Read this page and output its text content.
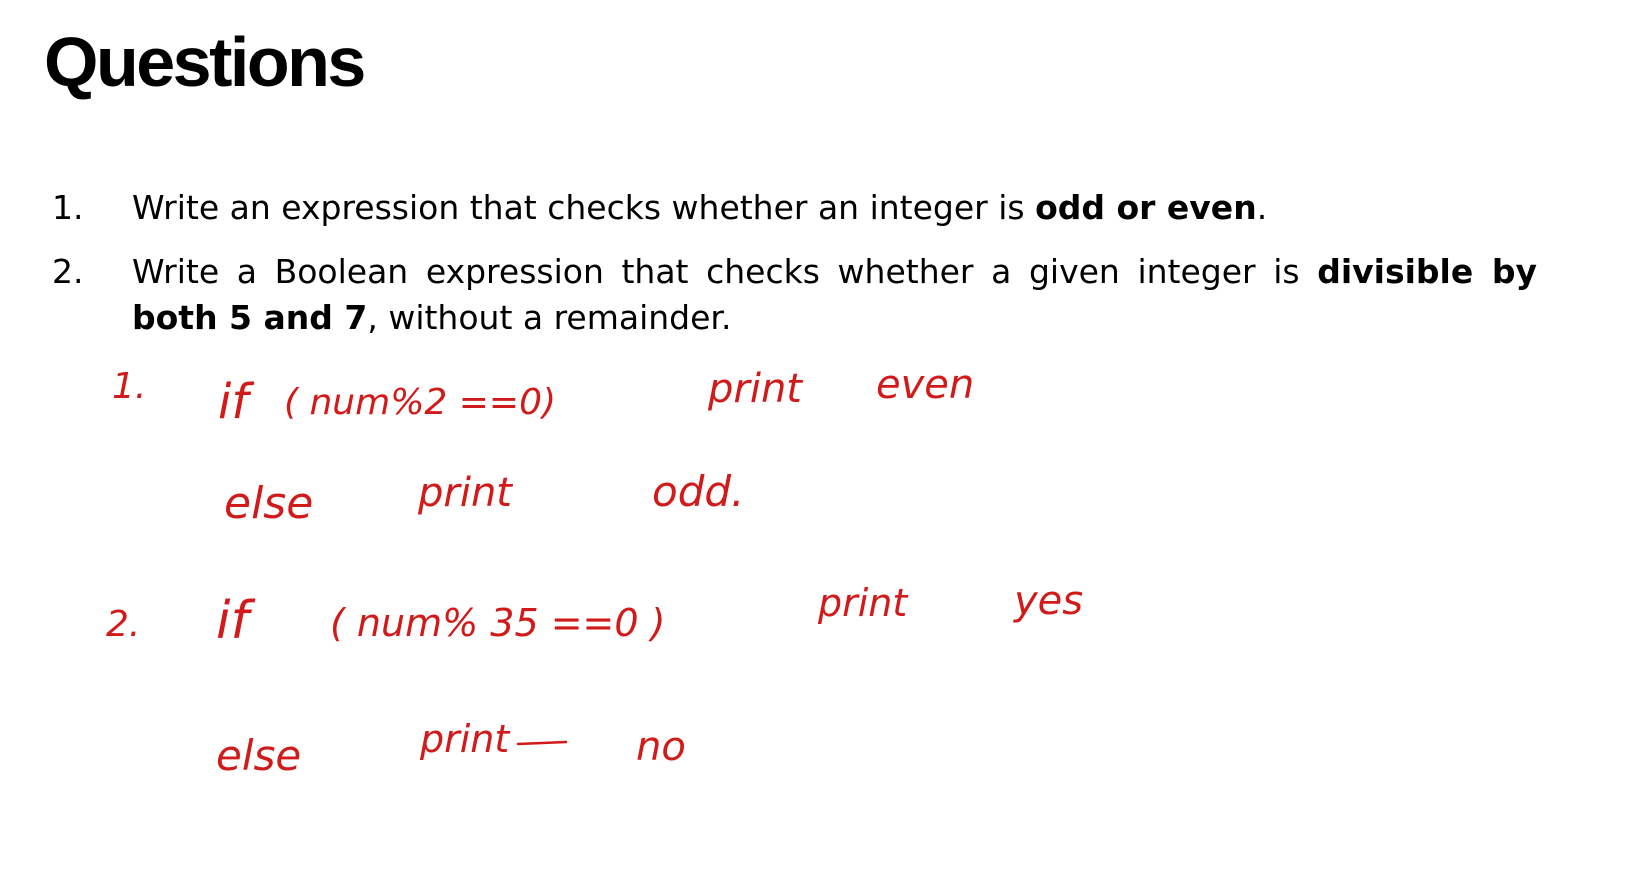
Questions
1. Write an expression that checks whether an integer is odd or even.
2. Write a Boolean expression that checks whether a given integer is divisible by both 5 and 7, without a remainder.
1. if ( num%2 ==0)	print even
else	print	odd.
2. if ( num% 35 ==0 )	print	yes
else	print	no
